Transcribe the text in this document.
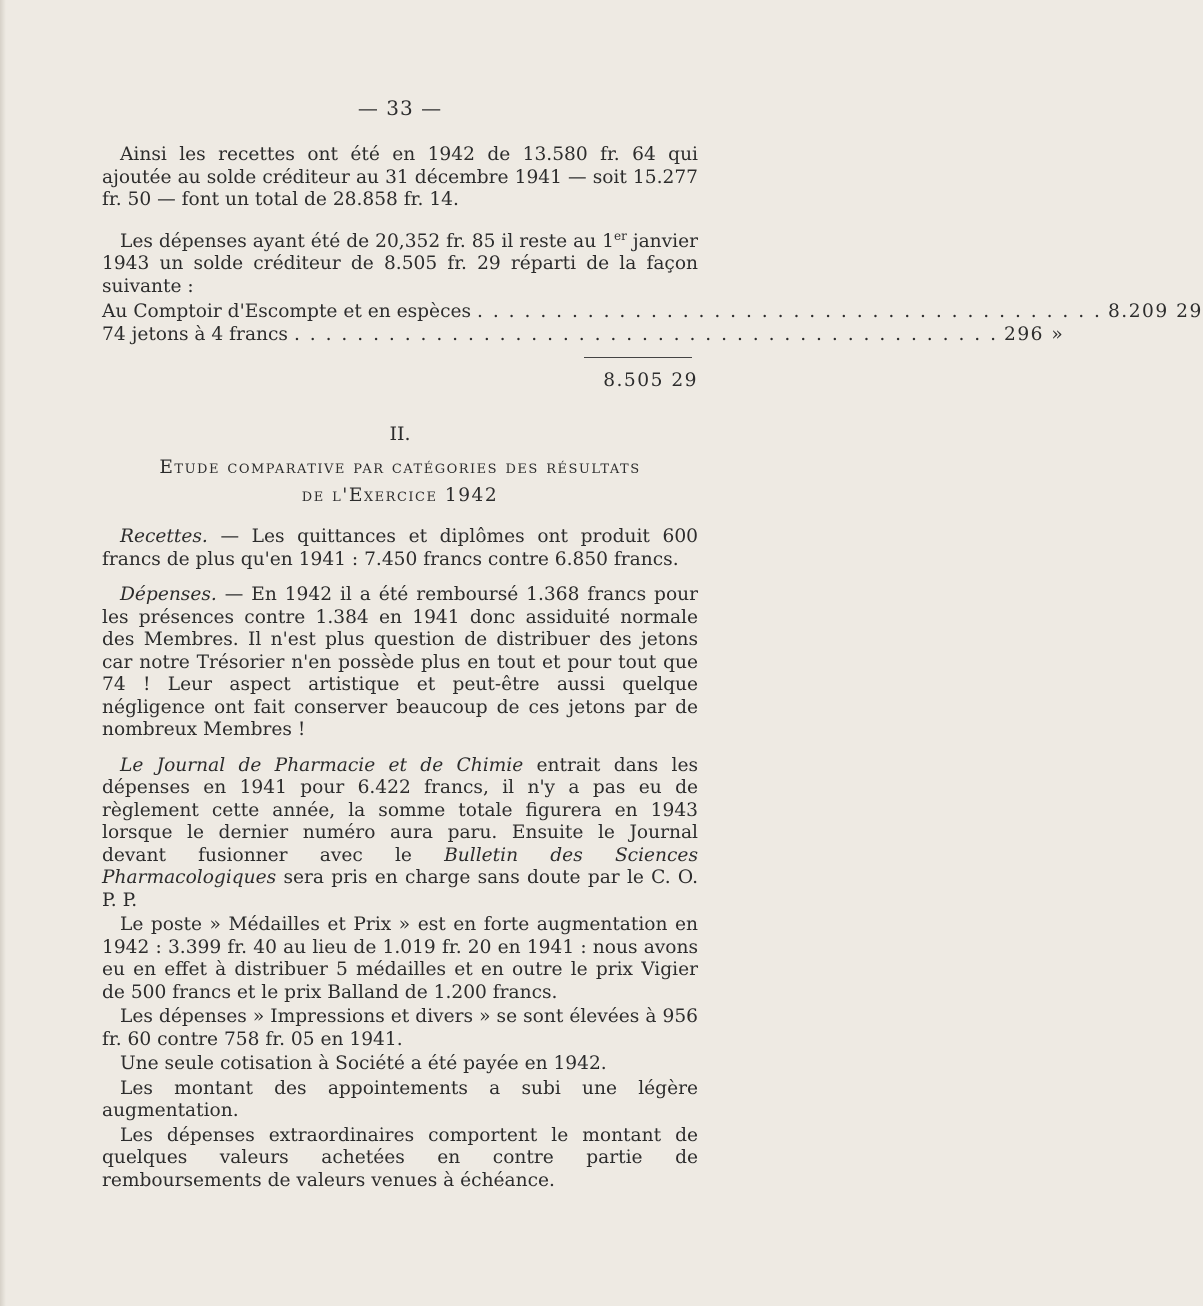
— 33 —

Ainsi les recettes ont été en 1942 de 13.580 fr. 64 qui ajoutée au solde créditeur au 31 décembre 1941 — soit 15.277 fr. 50 — font un total de 28.858 fr. 14.

Les dépenses ayant été de 20,352 fr. 85 il reste au 1er janvier 1943 un solde créditeur de 8.505 fr. 29 réparti de la façon suivante :

Au Comptoir d'Escompte et en espèces . . . . . . . . . . . . . . . . . . . . . . . . . . . . . . . . . . . . . . . . 8.209 29
74 jetons à 4 francs . . . . . . . . . . . . . . . . . . . . . . . . . . . . . . . . . . . . . . . . . . . . . 296 »
8.505 29
II.
Etude comparative par catégories des résultats
de l'Exercice 1942

Recettes. — Les quittances et diplômes ont produit 600 francs de plus qu'en 1941 : 7.450 francs contre 6.850 francs.

Dépenses. — En 1942 il a été remboursé 1.368 francs pour les présences contre 1.384 en 1941 donc assiduité normale des Membres. Il n'est plus question de distribuer des jetons car notre Trésorier n'en possède plus en tout et pour tout que 74 ! Leur aspect artistique et peut-être aussi quelque négligence ont fait conserver beaucoup de ces jetons par de nombreux Membres !

Le Journal de Pharmacie et de Chimie entrait dans les dépenses en 1941 pour 6.422 francs, il n'y a pas eu de règlement cette année, la somme totale figurera en 1943 lorsque le dernier numéro aura paru. Ensuite le Journal devant fusionner avec le Bulletin des Sciences Pharmacologiques sera pris en charge sans doute par le C. O. P. P.

Le poste » Médailles et Prix » est en forte augmentation en 1942 : 3.399 fr. 40 au lieu de 1.019 fr. 20 en 1941 : nous avons eu en effet à distribuer 5 médailles et en outre le prix Vigier de 500 francs et le prix Balland de 1.200 francs.

Les dépenses » Impressions et divers » se sont élevées à 956 fr. 60 contre 758 fr. 05 en 1941.

Une seule cotisation à Société a été payée en 1942.

Les montant des appointements a subi une légère augmentation.

Les dépenses extraordinaires comportent le montant de quelques valeurs achetées en contre partie de remboursements de valeurs venues à échéance.
